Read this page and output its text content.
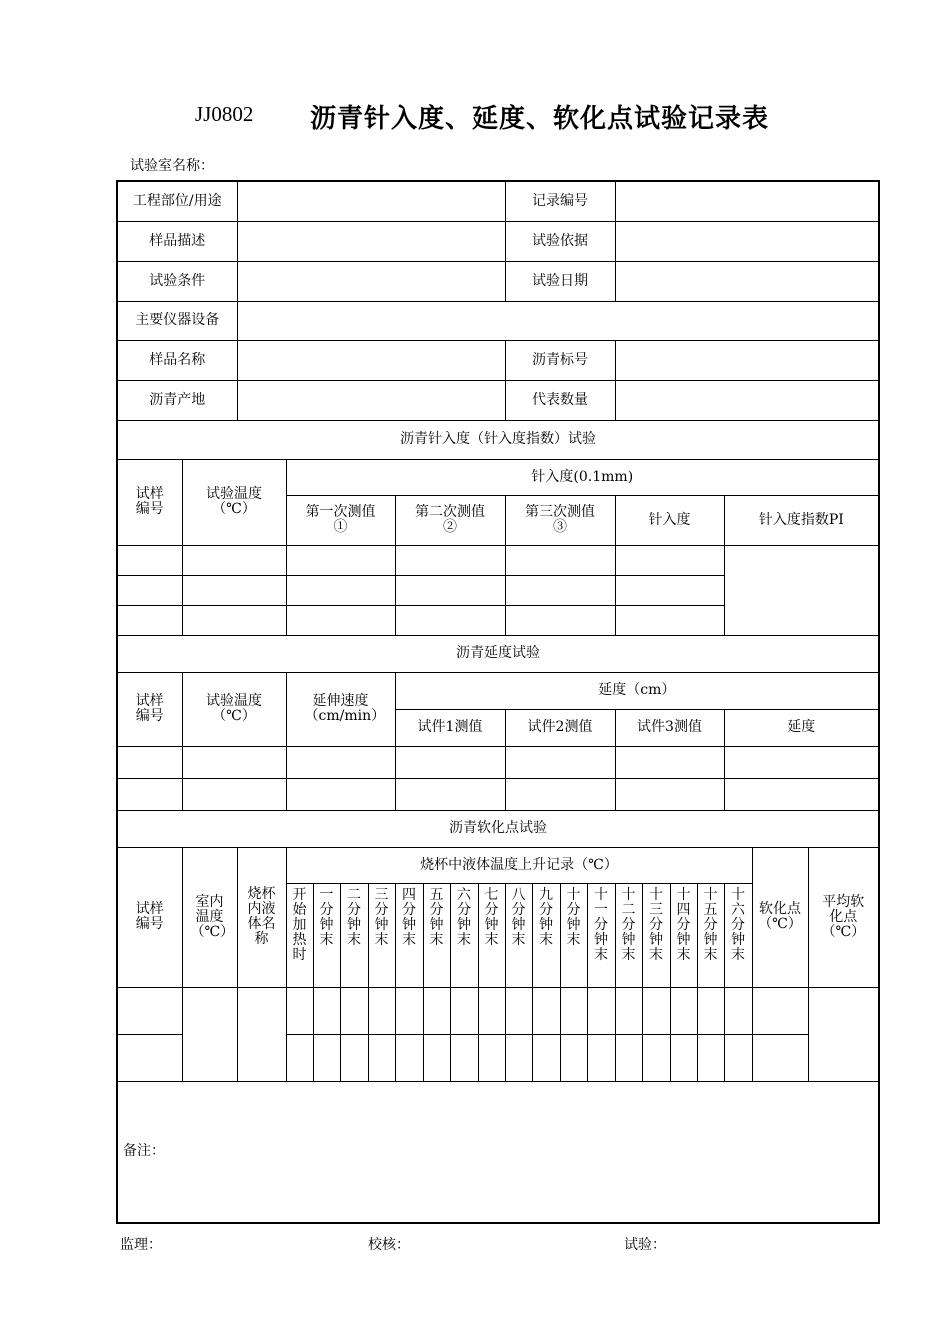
JJ0802 沥青针入度、延度、软化点试验记录表
试验室名称：
工程部位/用途											记录编号										
样品描述											试验依据										
试验条件											试验日期										
主要仪器设备																					
样品名称											沥青标号										
沥青产地											代表数量										
沥青针入度（针入度指数）试验																					
试样编号	试验温度（℃）		针入度(0.1mm)																		
			第一次测值①				第二次测值②				第三次测值③				针入度				针入度指数PI		

沥青延度试验																					
试样编号	试验温度（℃）		延伸速度（cm/min）				延度（cm）														
							试件1测值				试件2测值				试件3测值				延度		

沥青软化点试验																					
试样编号	室内温度（℃）	烧杯内液体名称	烧杯中液体温度上升记录（℃）																	软化点（℃）	平均软化点（℃）
			开始加热时	一分钟末	二分钟末	三分钟末	四分钟末	五分钟末	六分钟末	七分钟末	八分钟末	九分钟末	十分钟末	十一分钟末	十二分钟末	十三分钟末	十四分钟末	十五分钟末	十六分钟末		

备注：																					
监理：	校核：	试验：
